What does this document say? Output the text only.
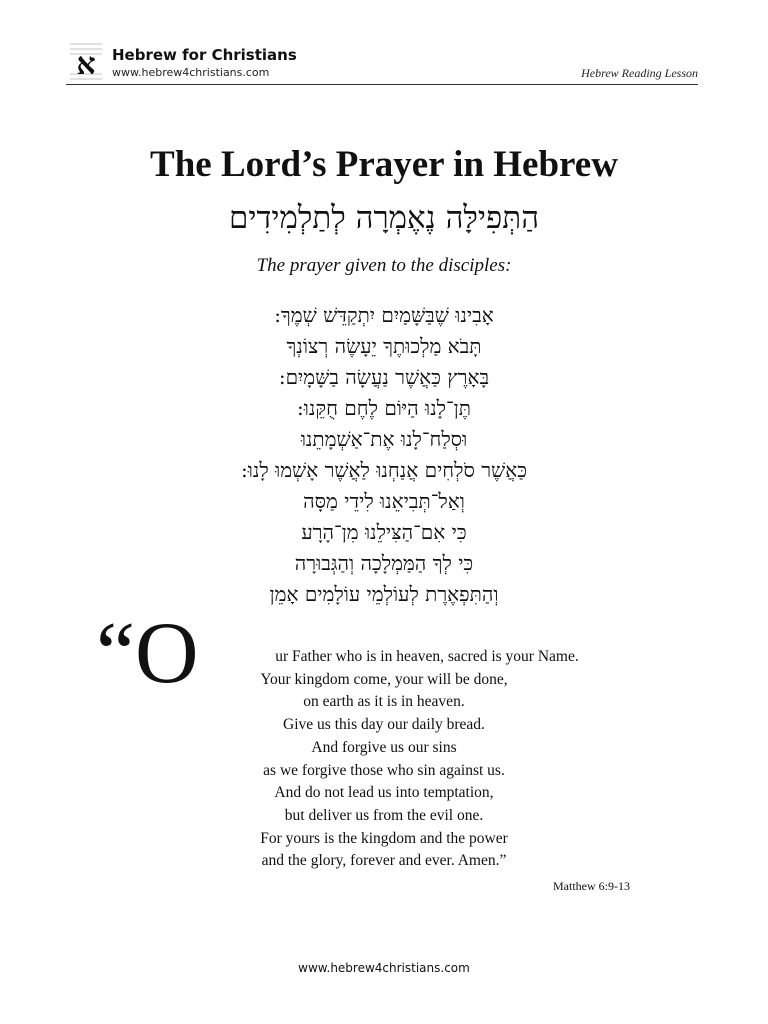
א Hebrew for Christians
www.hebrew4christians.com	Hebrew Reading Lesson
The Lord’s Prayer in Hebrew
הַתְּפִילָּה נֶאֶמְרָה לְתַלְמִידִים
The prayer given to the disciples:
אָבִינוּ שֶׁבַּשָּׁמַיִם יִתְקַדֵּשׁ שְׁמֶךָ:
תָּבֹא מַלְכוּתֶךָ יֵעָשֶׂה רְצוֹנְךָ
בָּאָרֶץ כַּאֲשֶׁר נַעֲשָׂה בַשָּׁמָיִם:
תֶּן־לָנוּ הַיּוֹם לֶחֶם חֻקֵּנוּ:
וּסְלַח־לָנוּ אֶת־אַשְׁמָתֵנוּ
כַּאֲשֶׁר סֹלְחִים אֲנַחְנוּ לַאֲשֶׁר אָשְׁמוּ לָנוּ:
וְאַל־תְּבִיאֵנוּ לִידֵי מַסָּה
כִּי אִם־הַצִּילֵנוּ מִן־הָרָע
כִּי לְךָ הַמַּמְלָכָה וְהַגְּבוּרָה
וְהַתִּפְאֶרֶת לְעוֹלְמֵי עוֹלָמִים אָמֵן
“O	ur Father who is in heaven, sacred is your Name.
Your kingdom come, your will be done,
on earth as it is in heaven.
Give us this day our daily bread.
And forgive us our sins
as we forgive those who sin against us.
And do not lead us into temptation,
but deliver us from the evil one.
For yours is the kingdom and the power
and the glory, forever and ever. Amen.”
Matthew 6:9-13
www.hebrew4christians.com
